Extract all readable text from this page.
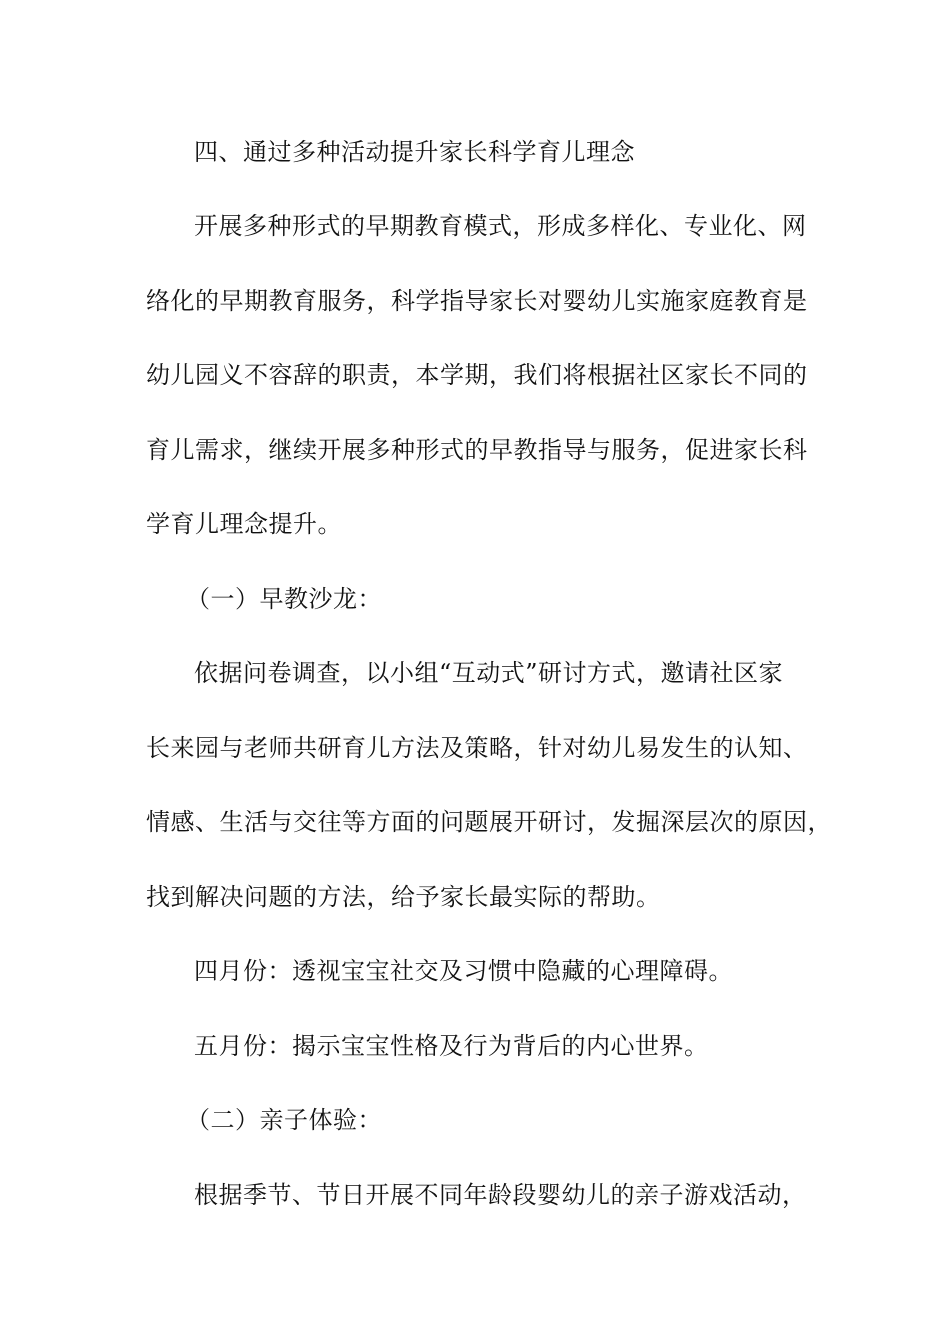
四、通过多种活动提升家长科学育儿理念
开展多种形式的早期教育模式，形成多样化、专业化、网
络化的早期教育服务，科学指导家长对婴幼儿实施家庭教育是
幼儿园义不容辞的职责，本学期，我们将根据社区家长不同的
育儿需求，继续开展多种形式的早教指导与服务，促进家长科
学育儿理念提升。
（一）早教沙龙：
依据问卷调查，以小组“互动式”研讨方式，邀请社区家
长来园与老师共研育儿方法及策略，针对幼儿易发生的认知、
情感、生活与交往等方面的问题展开研讨，发掘深层次的原因，
找到解决问题的方法，给予家长最实际的帮助。
四月份：透视宝宝社交及习惯中隐藏的心理障碍。
五月份：揭示宝宝性格及行为背后的内心世界。
（二）亲子体验：
根据季节、节日开展不同年龄段婴幼儿的亲子游戏活动，
